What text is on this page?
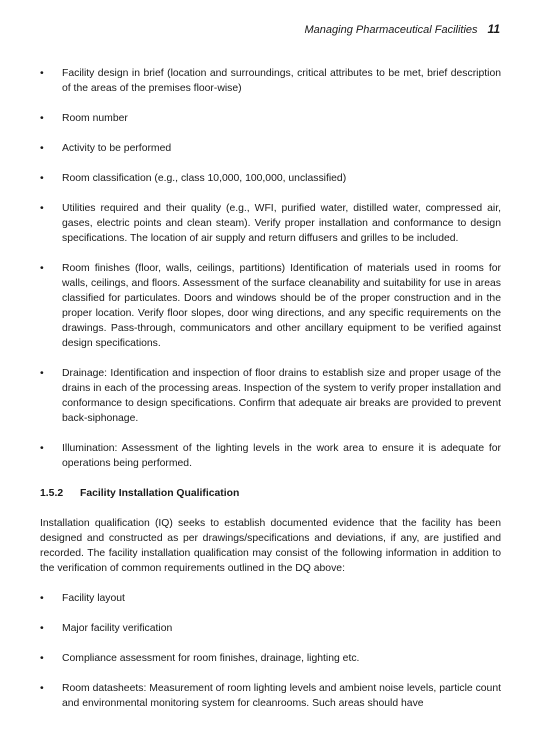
Managing Pharmaceutical Facilities 11
• Facility design in brief (location and surroundings, critical attributes to be met, brief description of the areas of the premises floor-wise)
• Room number
• Activity to be performed
• Room classification (e.g., class 10,000, 100,000, unclassified)
• Utilities required and their quality (e.g., WFI, purified water, distilled water, compressed air, gases, electric points and clean steam). Verify proper installation and conformance to design specifications. The location of air supply and return diffusers and grilles to be included.
• Room finishes (floor, walls, ceilings, partitions) Identification of materials used in rooms for walls, ceilings, and floors. Assessment of the surface cleanability and suitability for use in areas classified for particulates. Doors and windows should be of the proper construction and in the proper location. Verify floor slopes, door wing directions, and any specific requirements on the drawings. Pass-through, communicators and other ancillary equipment to be verified against design specifications.
• Drainage: Identification and inspection of floor drains to establish size and proper usage of the drains in each of the processing areas. Inspection of the system to verify proper installation and conformance to design specifications. Confirm that adequate air breaks are provided to prevent back-siphonage.
• Illumination: Assessment of the lighting levels in the work area to ensure it is adequate for operations being performed.
1.5.2 Facility Installation Qualification

Installation qualification (IQ) seeks to establish documented evidence that the facility has been designed and constructed as per drawings/specifications and deviations, if any, are justified and recorded. The facility installation qualification may consist of the following information in addition to the verification of common requirements outlined in the DQ above:

• Facility layout
• Major facility verification
• Compliance assessment for room finishes, drainage, lighting etc.
• Room datasheets: Measurement of room lighting levels and ambient noise levels, particle count and environmental monitoring system for cleanrooms. Such areas should have
